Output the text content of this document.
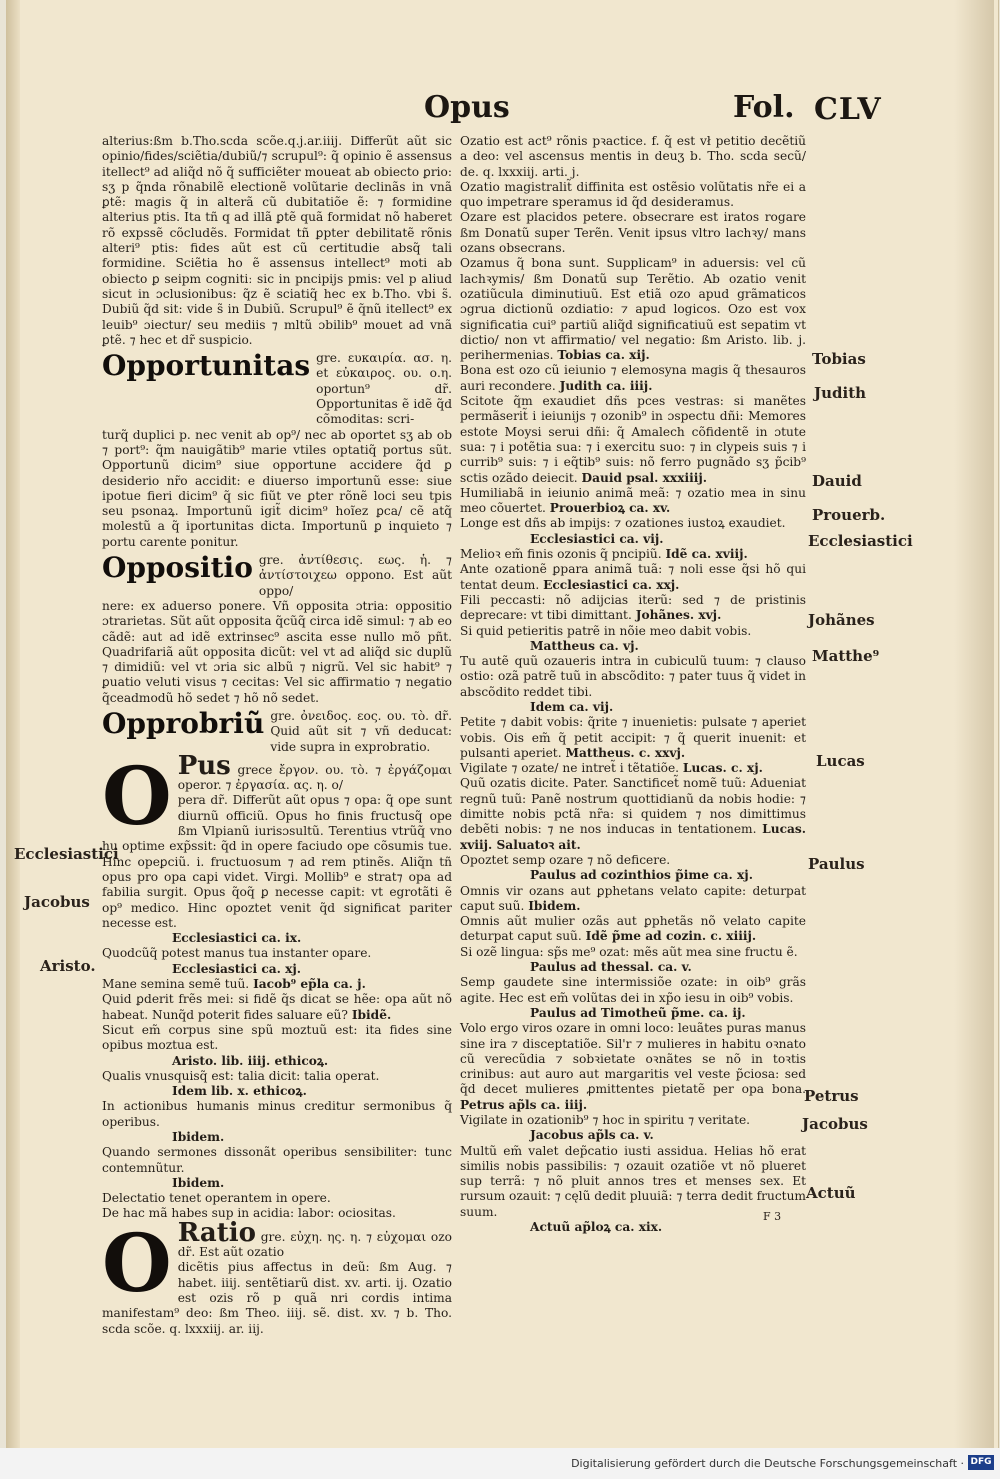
Opus	Fol. CLV

alterius:ßm b.Tho.scda scõe.q.j.ar.iiij. Differũt aũt sic opinio/fides/sciẽtia/dubiũ/⁊ scrupul⁹: q̃ opinio ẽ assensus itellect⁹ ad aliq̃d nõ q̃ sufficiẽter moueat ab obiecto ꝑrio: sʒ p q̃nda rõnabilẽ electionẽ volũtarie declinãs in vnã ꝑtẽ: magis q̃ in alterã cũ dubitatiõe ẽ: ⁊ formidine alterius ptis. Ita tñ q ad illã ꝑtẽ quã formidat nõ haberet rõ expssẽ cõcludẽs. Formidat tñ ꝑpter debilitatẽ rõnis alteri⁹ ptis: fides aũt est cũ certitudie absq̃ tali formidine. Sciẽtia ho ẽ assensus intellect⁹ moti ab obiecto ꝑ seipm cognitiː sic in pncipijs pmis: vel p aliud sicut in ɔclusionibus: q̃z ẽ sciatiq̃ hec ex b.Tho. vbi s̃. Dubiũ q̃d sit: vide s̃ in Dubiũ. Scrupul⁹ ẽ q̃nũ itellect⁹ ex leuib⁹ ɔiectur/ seu mediis ⁊ mltũ ɔbilib⁹ mouet ad vnã ꝑtẽ. ⁊ hec et dr̃ suspicio.

Opportunitas gre. ευκαιρία. ασ. η. et εὐκαιρος. ου. ο.η. oportun⁹ dr̃. Opportunitas ẽ idẽ q̃d cõmoditas: scri-

turq̃ duplici p. nec venit ab op⁹/ nec ab oportet sʒ ab ob ⁊ port⁹: q̃m nauigãtib⁹ marie vtiles optatiq̃ portus sũt. Opportunũ dicim⁹ siue opportune accidere q̃d ꝑ desiderio nr̃o accidit: e diuerso importunũ esse: siue ipotue fieri dicim⁹ q̃ sic fiũt ve ꝑter rõnẽ loci seu tpis seu psonaꝝ. Importunũ igit̃ dicim⁹ hoĩez ꝑca/ cẽ atq̃ molestũ a q̃ iportunitas dicta. Importunũ ꝑ inquieto ⁊ portu carente ponitur.

Oppositio gre. ἀντίθεσις. εως. ἡ. ⁊ ἀντίστοιχεω oppono. Est aũt oppo/

nere: ex aduerso ponere. Vñ opposita ɔtria: oppositio ɔtrarietas. Sũt aũt opposita q̃cũq̃ circa idẽ simul: ⁊ ab eo cãdẽ: aut ad idẽ extrinsec⁹ ascita esse nullo mõ pñt. Quadrifariã aũt opposita dicũt: vel vt ad aliq̃d sic duplũ ⁊ dimidiũ: vel vt ɔria sic albũ ⁊ nigrũ. Vel sic habit⁹ ⁊ ꝑuatio veluti visus ⁊ cecitas: Vel sic affirmatio ⁊ negatio q̃ceadmodũ hõ sedet ⁊ hõ nõ sedet.

Opprobriũ gre. ὀνειδος. εος. ου. τὸ. dr̃. Quid aũt sit ⁊ vñ deducat: vide supra in exprobratio.

O Pus grece ἔργον. ου. τὸ. ⁊ ἐργάζομαι operor. ⁊ ἐργασία. ας. η. o/

pera dr̃. Differũt aũt opus ⁊ opa: q̃ ope sunt diurnũ officiũ. Opus ho finis fructusq̃ ope ßm Vlpianũ iurisɔsultũ. Terentius vtrũq̃ vno hu optime exp̃ssit: q̃d in opere faciudo ope cõsumis tue. Hinc opeꝑciũ. i. fructuosum ⁊ ad rem ptinẽs. Aliq̃n tñ opus pro opa capi videt. Virgi. Mollib⁹ e strat⁊ opa ad fabilia surgit. Opus q̃oq̃ ꝑ necesse capit: vt egrotãti ẽ op⁹ medico. Hinc opoztet venit q̃d significat pariter necesse est.

Ecclesiastici ca. ix.

Quodcũq̃ potest manus tua instanter opare.

Ecclesiastici ca. xj.

Mane semina semẽ tuũ. Iacob⁹ ep̃la ca. j.

Quid ꝑderit frẽs mei: si fidẽ q̃s dicat se hẽe: opa aũt nõ habeat. Nunq̃d poterit fides saluare eũ? Ibidẽ.

Sicut em̃ corpus sine spũ moztuũ est: ita fides sine opibus moztua est.

Aristo. lib. iiij. ethicoꝝ.

Qualis vnusquisq̃ est: talia dicit: talia operat.

Idem lib. x. ethicoꝝ.

In actionibus humanis minus creditur sermonibus q̃ operibus.

Ibidem.

Quando sermones dissonãt operibus sensibiliter: tunc contemnũtur.

Ibidem.

Delectatio tenet operantem in opere.

De hac mã habes sup in acidia: labor: ociositas.

O Ratio gre. εὐχη. ης. η. ⁊ εὐχομαι ozo dr̃. Est aũt ozatio

dicẽtis pius affectus in deũ: ßm Aug. ⁊ habet. iiij. sentẽtiarũ dist. xv. arti. ij. Ozatio est ozis rõ p quã nri cordis intima manifestam⁹ deo: ßm Theo. iiij. sẽ. dist. xv. ⁊ b. Tho. scda scõe. q. lxxxiij. ar. iij.

Ozatio est act⁹ rõnis pꝛactice. f. q̃ est vł petitio decẽtiũ a deo: vel ascensus mentis in deuʒ b. Tho. scda secũ/ de. q. lxxxiij. arti. j.

Ozatio magistralit̃ diffinita est ostẽsio volũtatis nr̃e ei a quo impetrare speramus id q̃d desideramus.

Ozare est placidos petere. obsecrare est iratos rogare ßm Donatũ super Terẽn. Venit ipsus vltro lachꝛy/ mans ozans obsecrans.

Ozamus q̃ bona sunt. Supplicam⁹ in aduersis: vel cũ lachꝛymis/ ßm Donatũ sup Terẽtio. Ab ozatio venit ozatiũcula diminutiuũ. Est etiã ozo apud grãmaticos ɔgrua dictionũ ozdiatio: ⁊ apud logicos. Ozo est vox significatia cui⁹ partiũ aliq̃d significatiuũ est sepatim vt dictio/ non vt affirmatio/ vel negatio: ßm Aristo. lib. j. perihermenias. Tobias ca. xij.

Bona est ozo cũ ieiunio ⁊ elemosyna magis q̃ thesauros auri recondere. Judith ca. iiij.

Scitote q̃m exaudiet dñs pces vestras: si manẽtes permãserit̃ i ieiunijs ⁊ ozonib⁹ in ɔspectu dñi: Memores estote Moysi serui dñi: q̃ Amalech cõfidentẽ in ɔtute sua: ⁊ i potẽtia sua: ⁊ i exercitu suo: ⁊ in clypeis suis ⁊ i currib⁹ suis: ⁊ i eq̃tib⁹ suis: nõ ferro pugnãdo sʒ p̃cib⁹ sctis ozãdo deiecit. Dauid psal. xxxiiij.

Humiliabã in ieiunio animã meã: ⁊ ozatio mea in sinu meo cõuertet. Prouerbioꝝ ca. xv.

Longe est dñs ab impijs: ⁊ ozationes iustoꝝ exaudiet.

Ecclesiastici ca. vij.

Melioꝛ em̃ finis ozonis q̃ pncipiũ. Idẽ ca. xviij.

Ante ozationẽ ꝑpara animã tuã: ⁊ noli esse q̃si hõ qui tentat deum. Ecclesiastici ca. xxj.

Fili peccasti: nõ adijcias iterũ: sed ⁊ de pristinis deprecare: vt tibi dimittant. Johãnes. xvj.

Si quid petieritis patrẽ in nõie meo dabit vobis.

Mattheus ca. vj.

Tu autẽ quũ ozaueris intra in cubiculũ tuum: ⁊ clauso ostio: ozã patrẽ tuũ in abscõdito: ⁊ pater tuus q̃ videt in abscõdito reddet tibi.

Idem ca. vij.

Petite ⁊ dabit vobis: q̃rite ⁊ inuenietis: pulsate ⁊ aperiet vobis. Ois em̃ q̃ petit accipit: ⁊ q̃ querit inuenit: et pulsanti aperiet. Mattheus. c. xxvj.

Vigilate ⁊ ozate/ ne intret̃ i tẽtatiõe. Lucas. c. xj.

Quũ ozatis dicite. Pater. Sanctificet̃ nomẽ tuũ: Adueniat regnũ tuũ: Panẽ nostrum quottidianũ da nobis hodie: ⁊ dimitte nobis pctã nr̃a: si quidem ⁊ nos dimittimus debẽti nobis: ⁊ ne nos inducas in tentationem. Lucas. xviij. Saluatoꝛ ait.

Opoztet semp ozare ⁊ nõ deficere.

Paulus ad cozinthios p̃ime ca. xj.

Omnis vir ozans aut ꝑphetans velato capite: deturpat caput suũ. Ibidem.

Omnis aũt mulier ozãs aut ꝑphetãs nõ velato capite deturpat caput suũ. Idẽ p̃me ad cozin. c. xiiij.

Si ozẽ lingua: sp̃s me⁹ ozat: mẽs aũt mea sine fructu ẽ.

Paulus ad thessal. ca. v.

Semp gaudete sine intermissiõe ozate: in oib⁹ grãs agite. Hec est em̃ volũtas dei in xp̃o iesu in oib⁹ vobis.

Paulus ad Timotheũ p̃me. ca. ij.

Volo ergo viros ozare in omni loco: leuãtes puras manus sine ira ⁊ disceptatiõe. Sil'r ⁊ mulieres in habitu oꝛnato cũ verecũdia ⁊ sobꝛietate oꝛnãtes se nõ in toꝛtis crinibus: aut auro aut margaritis vel veste p̃ciosa: sed q̃d decet mulieres ꝓmittentes pietatẽ per opa bona. Petrus ap̃ls ca. iiij.

Vigilate in ozationib⁹ ⁊ hoc in spiritu ⁊ veritate.

Jacobus ap̃ls ca. v.

Multũ em̃ valet dep̃catio iusti assidua. Helias hõ erat similis nobis passibilis: ⁊ ozauit ozatiõe vt nõ plueret sup terrã: ⁊ nõ pluit annos tres et menses sex. Et rursum ozauit: ⁊ cęlũ dedit pluuiã: ⁊ terra dedit fructum suum.

Actuũ ap̃loꝝ ca. xix.

Tobias
Judith
Dauid
Prouerb.
Ecclesiastici
Johãnes
Matthe⁹
Lucas
Paulus
Petrus
Jacobus
Actuũ
Ecclesiastici
Jacobus
Aristo.
F 3
Digitalisierung gefördert durch die Deutsche Forschungsgemeinschaft · DFG
